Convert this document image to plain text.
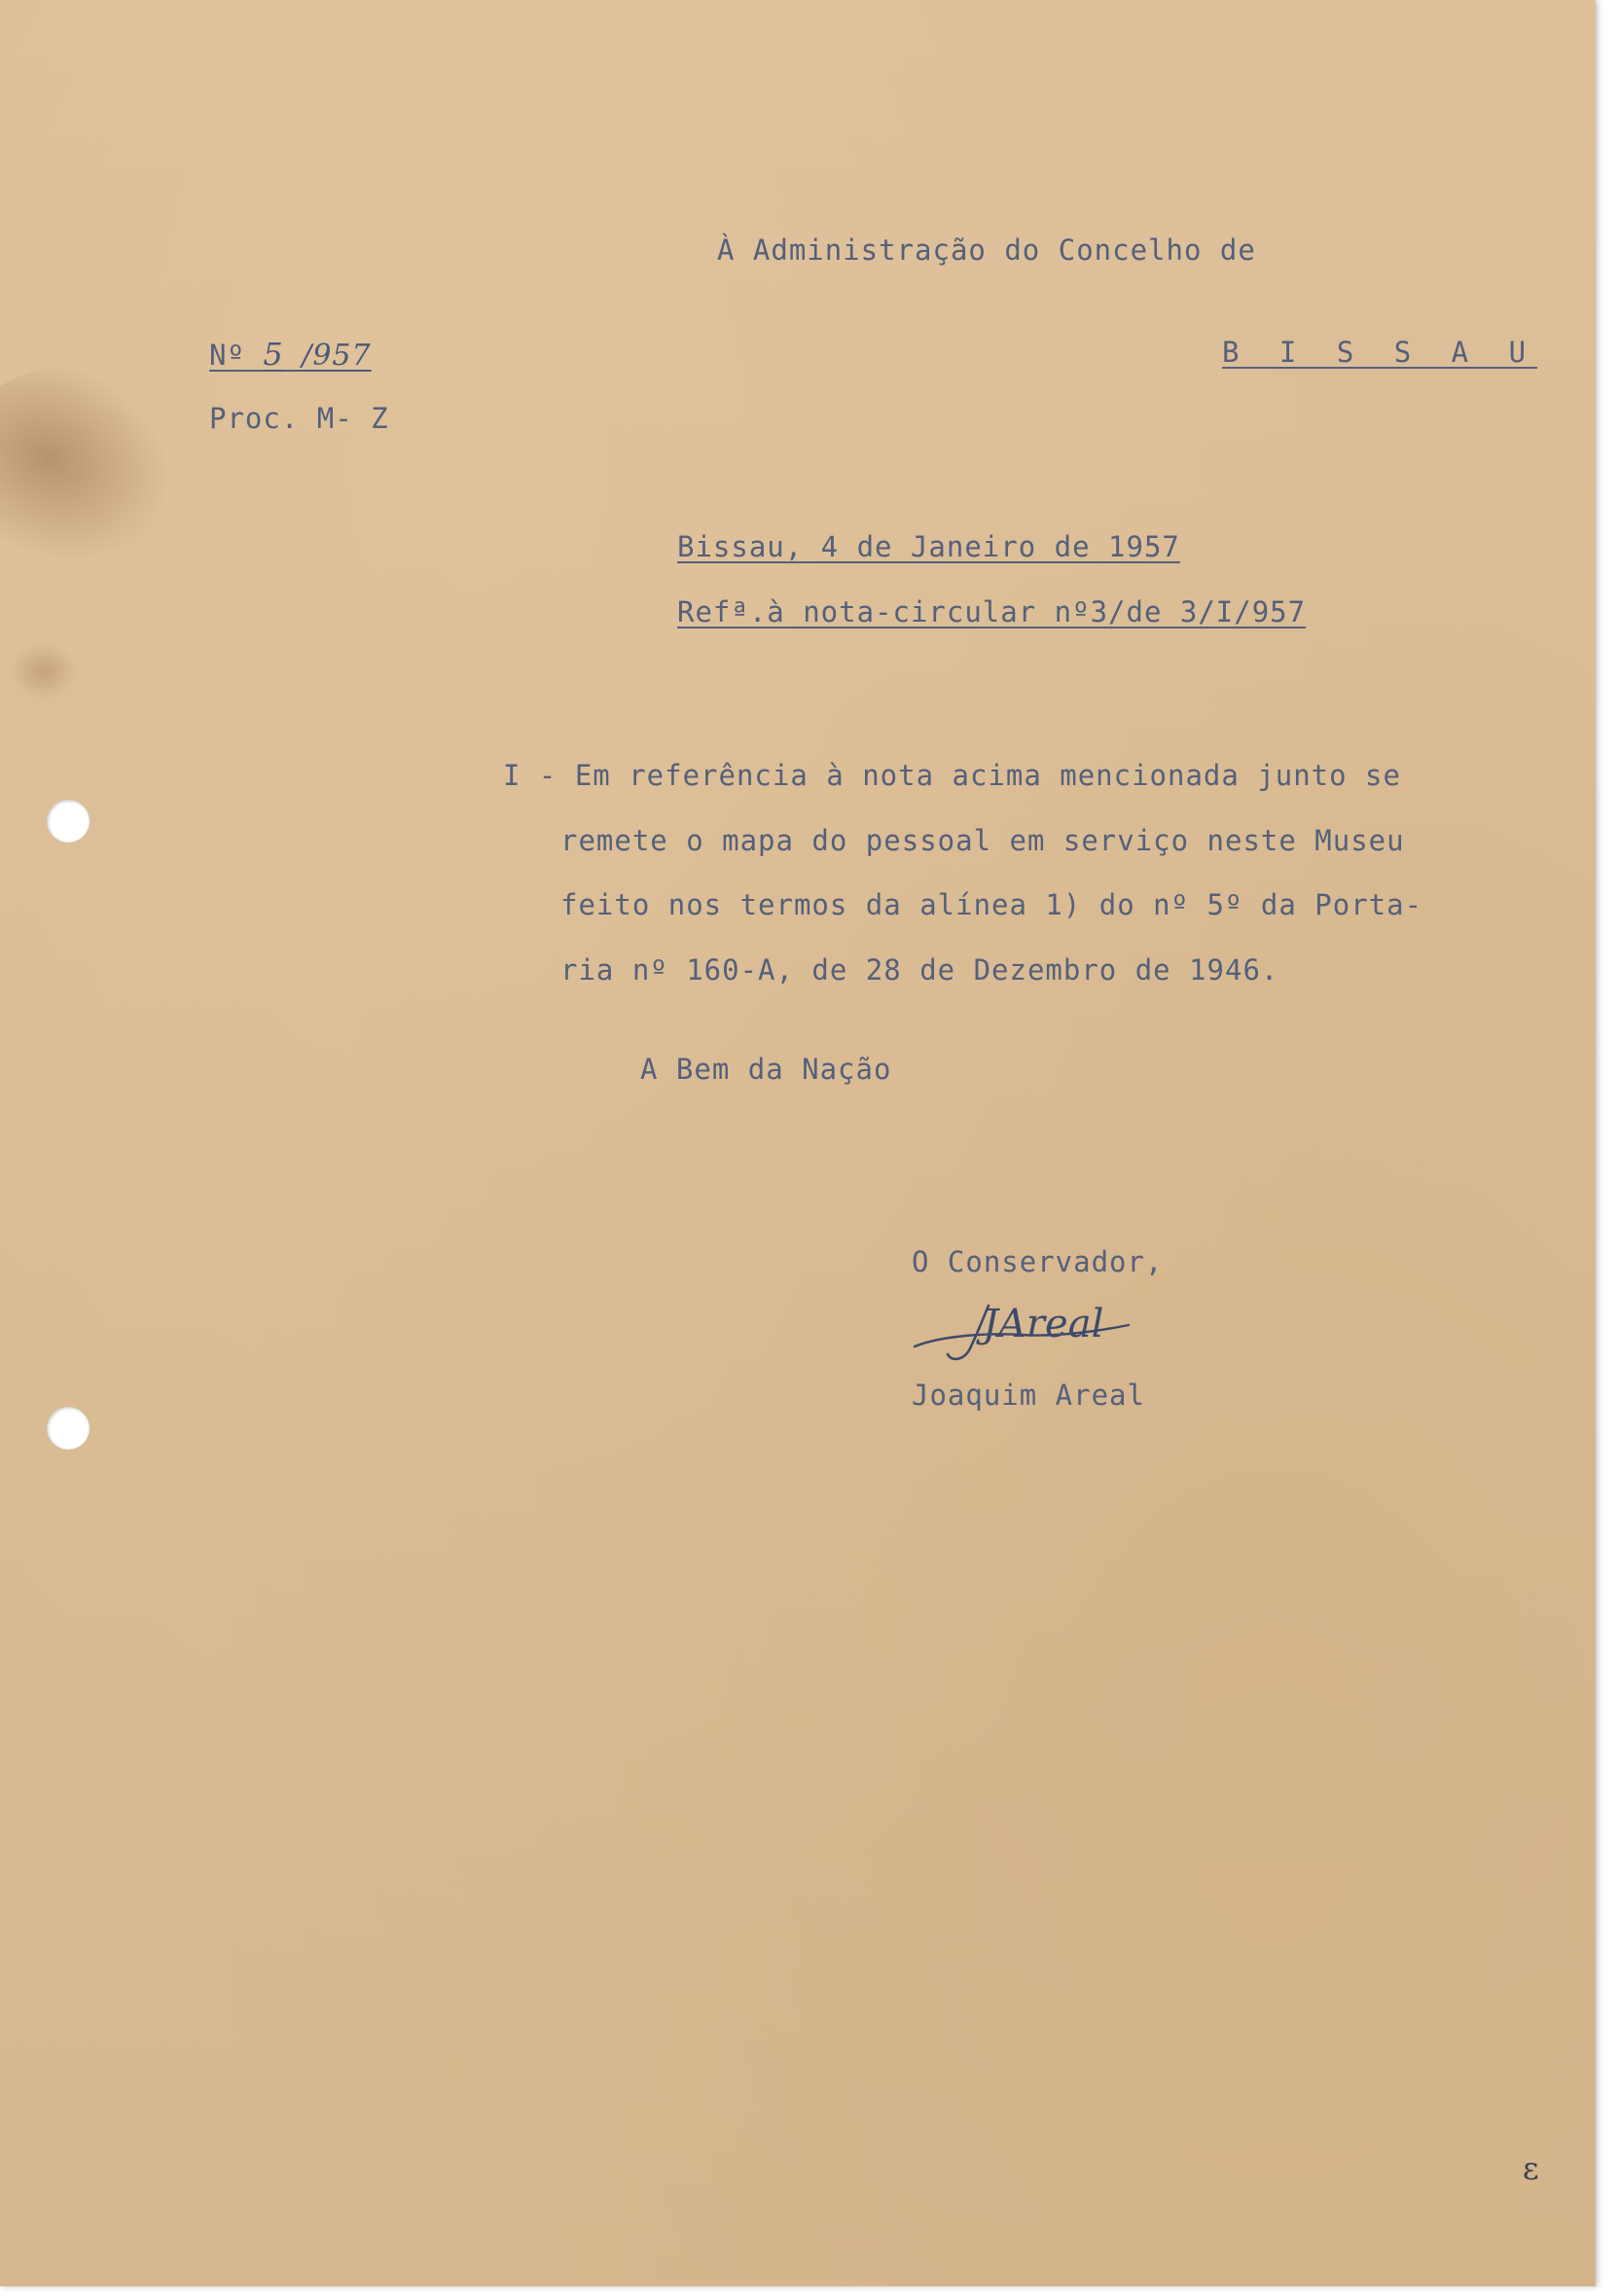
À Administração do Concelho de

Nº 5 /957	B I S S A U

Proc. M- Z

Bissau, 4 de Janeiro de 1957

Refª.à nota-circular nº3/de 3/I/957

I - Em referência à nota acima mencionada junto se

remete o mapa do pessoal em serviço neste Museu

feito nos termos da alínea 1) do nº 5º da Porta-

ria nº 160-A, de 28 de Dezembro de 1946.

A Bem da Nação

O Conservador,

JAreal

Joaquim Areal

ɛ
